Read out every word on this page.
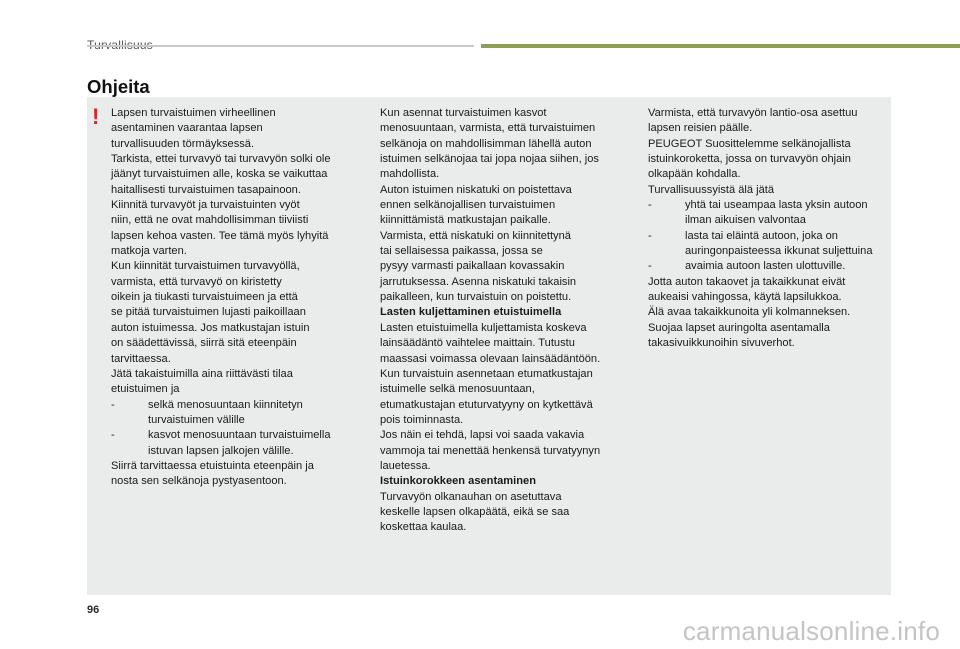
Ohjeita
! Lapsen turvaistuimen virheellinen
asentaminen vaarantaa lapsen
turvallisuuden törmäyksessä.
Tarkista, ettei turvavyö tai turvavyön solki ole
jäänyt turvaistuimen alle, koska se vaikuttaa
haitallisesti turvaistuimen tasapainoon.
Kiinnitä turvavyöt ja turvaistuinten vyöt
niin, että ne ovat mahdollisimman tiiviisti
lapsen kehoa vasten. Tee tämä myös lyhyitä
matkoja varten.
Kun kiinnität turvaistuimen turvavyöllä,
varmista, että turvavyö on kiristetty
oikein ja tiukasti turvaistuimeen ja että
se pitää turvaistuimen lujasti paikoillaan
auton istuimessa. Jos matkustajan istuin
on säädettävissä, siirrä sitä eteenpäin
tarvittaessa.
Jätä takaistuimilla aina riittävästi tilaa
etuistuimen ja
-	selkä menosuuntaan kiinnitetyn
turvaistuimen välille
-	kasvot menosuuntaan turvaistuimella
istuvan lapsen jalkojen välille.
Siirrä tarvittaessa etuistuinta eteenpäin ja
nosta sen selkänoja pystyasentoon.
Kun asennat turvaistuimen kasvot
menosuuntaan, varmista, että turvaistuimen
selkänoja on mahdollisimman lähellä auton
istuimen selkänojaa tai jopa nojaa siihen, jos
mahdollista.
Auton istuimen niskatuki on poistettava
ennen selkänojallisen turvaistuimen
kiinnittämistä matkustajan paikalle.
Varmista, että niskatuki on kiinnitettynä
tai sellaisessa paikassa, jossa se
pysyy varmasti paikallaan kovassakin
jarrutuksessa. Asenna niskatuki takaisin
paikalleen, kun turvaistuin on poistettu.
Lasten kuljettaminen etuistuimella
Lasten etuistuimella kuljettamista koskeva
lainsäädäntö vaihtelee maittain. Tutustu
maassasi voimassa olevaan lainsäädäntöön.
Kun turvaistuin asennetaan etumatkustajan
istuimelle selkä menosuuntaan,
etumatkustajan etuturvatyyny on kytkettävä
pois toiminnasta.
Jos näin ei tehdä, lapsi voi saada vakavia
vammoja tai menettää henkensä turvatyynyn
lauetessa.
Istuinkorokkeen asentaminen
Turvavyön olkanauhan on asetuttava
keskelle lapsen olkapäätä, eikä se saa
koskettaa kaulaa.
Varmista, että turvavyön lantio-osa asettuu
lapsen reisien päälle.
PEUGEOT Suosittelemme selkänojallista
istuinkoroketta, jossa on turvavyön ohjain
olkapään kohdalla.
Turvallisuussyistä älä jätä
-	yhtä tai useampaa lasta yksin autoon
ilman aikuisen valvontaa
-	lasta tai eläintä autoon, joka on
auringonpaisteessa ikkunat suljettuina
-	avaimia autoon lasten ulottuville.
Jotta auton takaovet ja takaikkunat eivät
aukeaisi vahingossa, käytä lapsilukkoa.
Älä avaa takaikkunoita yli kolmanneksen.
Suojaa lapset auringolta asentamalla
takasivuikkunoihin sivuverhot.
96
carmanualsonline.info
